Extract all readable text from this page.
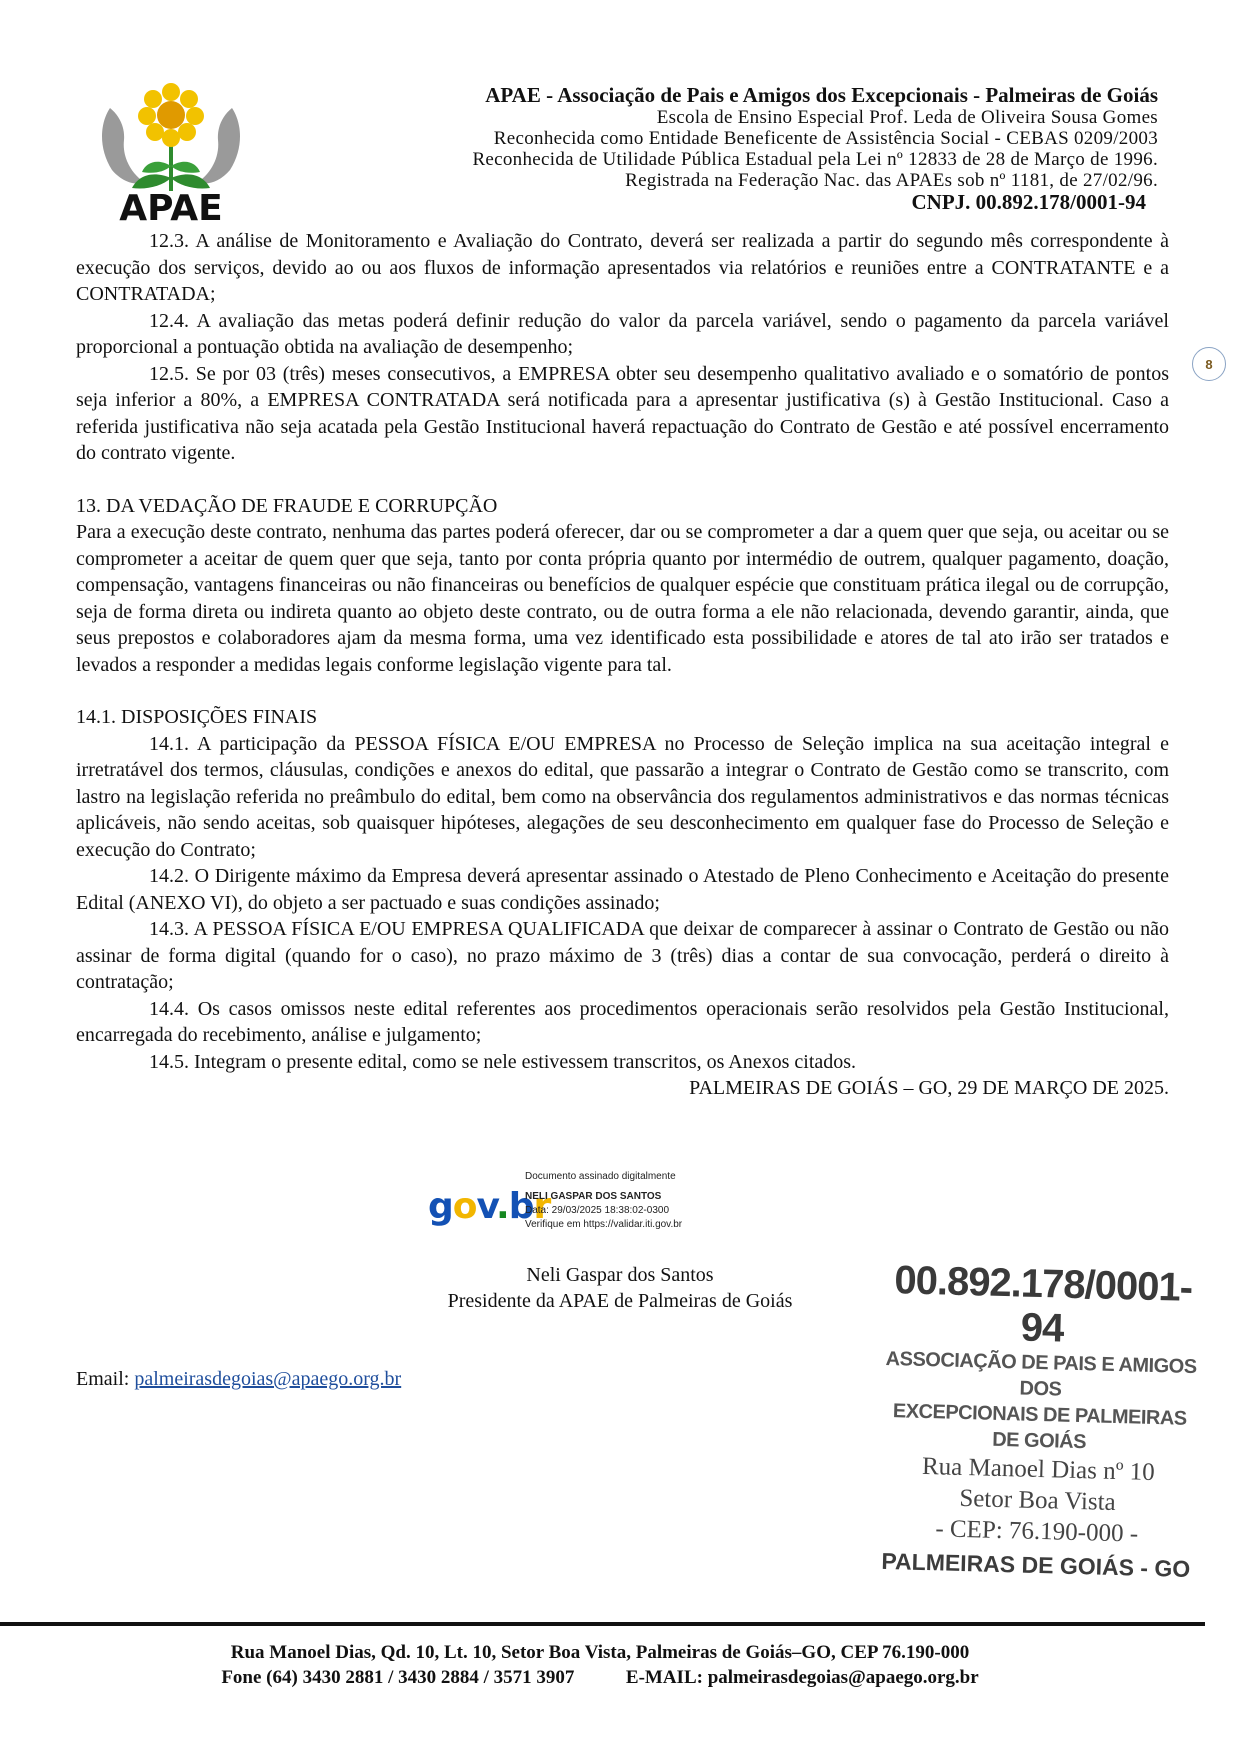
APAE
APAE - Associação de Pais e Amigos dos Excepcionais - Palmeiras de Goiás
Escola de Ensino Especial Prof. Leda de Oliveira Sousa Gomes
Reconhecida como Entidade Beneficente de Assistência Social - CEBAS 0209/2003
Reconhecida de Utilidade Pública Estadual pela Lei nº 12833 de 28 de Março de 1996.
Registrada na Federação Nac. das APAEs sob nº 1181, de 27/02/96.
CNPJ. 00.892.178/0001-94
8

12.3. A análise de Monitoramento e Avaliação do Contrato, deverá ser realizada a partir do segundo mês correspondente à execução dos serviços, devido ao ou aos fluxos de informação apresentados via relatórios e reuniões entre a CONTRATANTE e a CONTRATADA;

12.4. A avaliação das metas poderá definir redução do valor da parcela variável, sendo o pagamento da parcela variável proporcional a pontuação obtida na avaliação de desempenho;

12.5. Se por 03 (três) meses consecutivos, a EMPRESA obter seu desempenho qualitativo avaliado e o somatório de pontos seja inferior a 80%, a EMPRESA CONTRATADA será notificada para a apresentar justificativa (s) à Gestão Institucional. Caso a referida justificativa não seja acatada pela Gestão Institucional haverá repactuação do Contrato de Gestão e até possível encerramento do contrato vigente.

13. DA VEDAÇÃO DE FRAUDE E CORRUPÇÃO

Para a execução deste contrato, nenhuma das partes poderá oferecer, dar ou se comprometer a dar a quem quer que seja, ou aceitar ou se comprometer a aceitar de quem quer que seja, tanto por conta própria quanto por intermédio de outrem, qualquer pagamento, doação, compensação, vantagens financeiras ou não financeiras ou benefícios de qualquer espécie que constituam prática ilegal ou de corrupção, seja de forma direta ou indireta quanto ao objeto deste contrato, ou de outra forma a ele não relacionada, devendo garantir, ainda, que seus prepostos e colaboradores ajam da mesma forma, uma vez identificado esta possibilidade e atores de tal ato irão ser tratados e levados a responder a medidas legais conforme legislação vigente para tal.

14.1. DISPOSIÇÕES FINAIS

14.1. A participação da PESSOA FÍSICA E/OU EMPRESA no Processo de Seleção implica na sua aceitação integral e irretratável dos termos, cláusulas, condições e anexos do edital, que passarão a integrar o Contrato de Gestão como se transcrito, com lastro na legislação referida no preâmbulo do edital, bem como na observância dos regulamentos administrativos e das normas técnicas aplicáveis, não sendo aceitas, sob quaisquer hipóteses, alegações de seu desconhecimento em qualquer fase do Processo de Seleção e execução do Contrato;

14.2. O Dirigente máximo da Empresa deverá apresentar assinado o Atestado de Pleno Conhecimento e Aceitação do presente Edital (ANEXO VI), do objeto a ser pactuado e suas condições assinado;

14.3. A PESSOA FÍSICA E/OU EMPRESA QUALIFICADA que deixar de comparecer à assinar o Contrato de Gestão ou não assinar de forma digital (quando for o caso), no prazo máximo de 3 (três) dias a contar de sua convocação, perderá o direito à contratação;

14.4. Os casos omissos neste edital referentes aos procedimentos operacionais serão resolvidos pela Gestão Institucional, encarregada do recebimento, análise e julgamento;

14.5. Integram o presente edital, como se nele estivessem transcritos, os Anexos citados.

PALMEIRAS DE GOIÁS – GO, 29 DE MARÇO DE 2025.

gov.br
Documento assinado digitalmente
NELI GASPAR DOS SANTOS
Data: 29/03/2025 18:38:02-0300
Verifique em https://validar.iti.gov.br
Neli Gaspar dos Santos
Presidente da APAE de Palmeiras de Goiás
Email: palmeirasdegoias@apaego.org.br
00.892.178/0001-94
ASSOCIAÇÃO DE PAIS E AMIGOS DOS
EXCEPCIONAIS DE PALMEIRAS DE GOIÁS
Rua Manoel Dias nº 10
Setor Boa Vista
- CEP: 76.190-000 -
PALMEIRAS DE GOIÁS - GO
Rua Manoel Dias, Qd. 10, Lt. 10, Setor Boa Vista, Palmeiras de Goiás–GO, CEP 76.190-000
Fone (64) 3430 2881 / 3430 2884 / 3571 3907	E-MAIL: palmeirasdegoias@apaego.org.br
